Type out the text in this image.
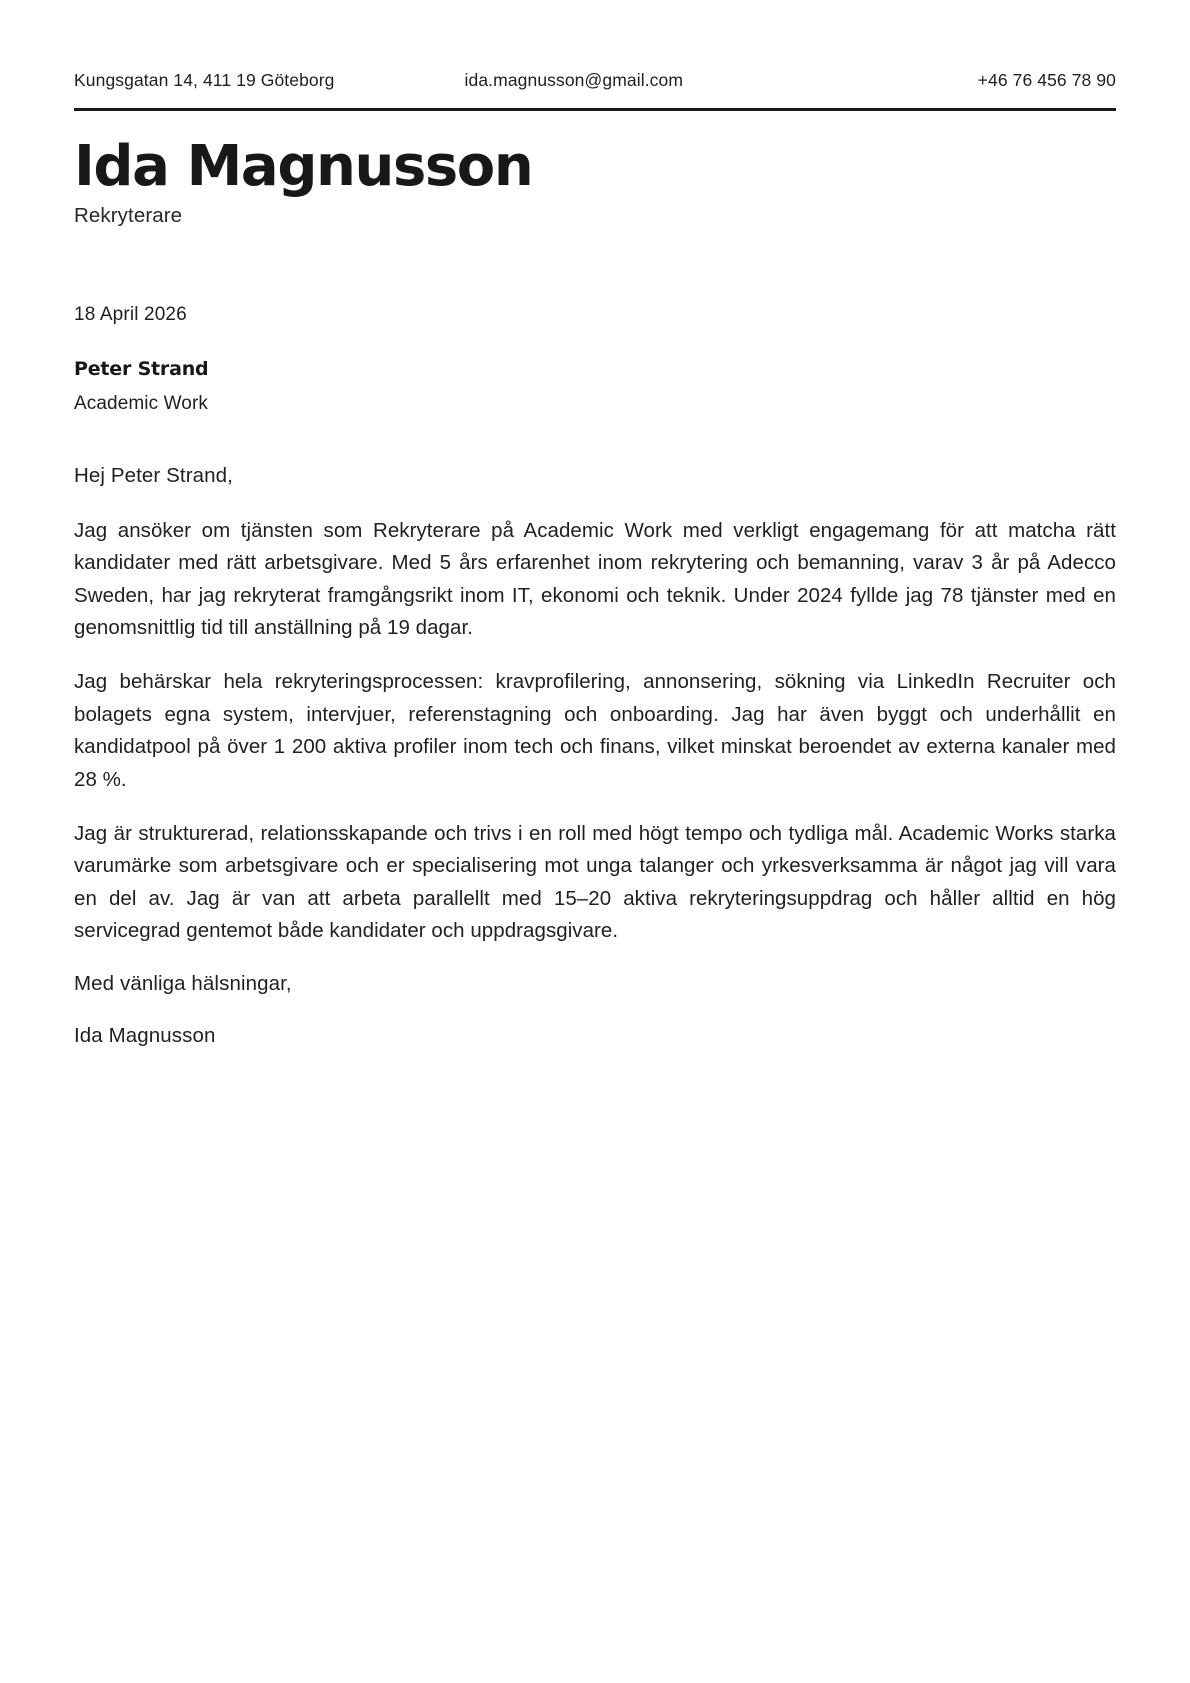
Kungsgatan 14, 411 19 Göteborg	ida.magnusson@gmail.com	+46 76 456 78 90
Ida Magnusson
Rekryterare
18 April 2026
Peter Strand
Academic Work
Hej Peter Strand,

Jag ansöker om tjänsten som Rekryterare på Academic Work med verkligt engagemang för att matcha rätt kandidater med rätt arbetsgivare. Med 5 års erfarenhet inom rekrytering och bemanning, varav 3 år på Adecco Sweden, har jag rekryterat framgångsrikt inom IT, ekonomi och teknik. Under 2024 fyllde jag 78 tjänster med en genomsnittlig tid till anställning på 19 dagar.

Jag behärskar hela rekryteringsprocessen: kravprofilering, annonsering, sökning via LinkedIn Recruiter och bolagets egna system, intervjuer, referenstagning och onboarding. Jag har även byggt och underhållit en kandidatpool på över 1 200 aktiva profiler inom tech och finans, vilket minskat beroendet av externa kanaler med 28 %.

Jag är strukturerad, relationsskapande och trivs i en roll med högt tempo och tydliga mål. Academic Works starka varumärke som arbetsgivare och er specialisering mot unga talanger och yrkesverksamma är något jag vill vara en del av. Jag är van att arbeta parallellt med 15–20 aktiva rekryteringsuppdrag och håller alltid en hög servicegrad gentemot både kandidater och uppdragsgivare.

Med vänliga hälsningar,
Ida Magnusson
